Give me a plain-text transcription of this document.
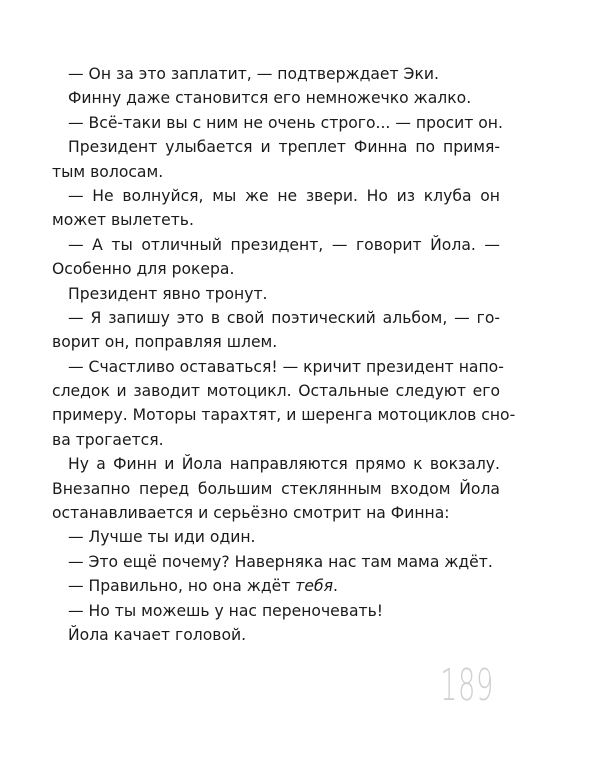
— Он за это заплатит, — подтверждает Эки.
Финну даже становится его немножечко жалко.
— Всё-таки вы с ним не очень строго... — просит он.
Президент улыбается и треплет Финна по примя-
тым волосам.
— Не волнуйся, мы же не звери. Но из клуба он
может вылететь.
— А ты отличный президент, — говорит Йола. —
Особенно для рокера.
Президент явно тронут.
— Я запишу это в свой поэтический альбом, — го-
ворит он, поправляя шлем.
— Счастливо оставаться! — кричит президент напо-
следок и заводит мотоцикл. Остальные следуют его
примеру. Моторы тарахтят, и шеренга мотоциклов сно-
ва трогается.
Ну а Финн и Йола направляются прямо к вокзалу.
Внезапно перед большим стеклянным входом Йола
останавливается и серьёзно смотрит на Финна:
— Лучше ты иди один.
— Это ещё почему? Наверняка нас там мама ждёт.
— Правильно, но она ждёт тебя.
— Но ты можешь у нас переночевать!
Йола качает головой.
189
